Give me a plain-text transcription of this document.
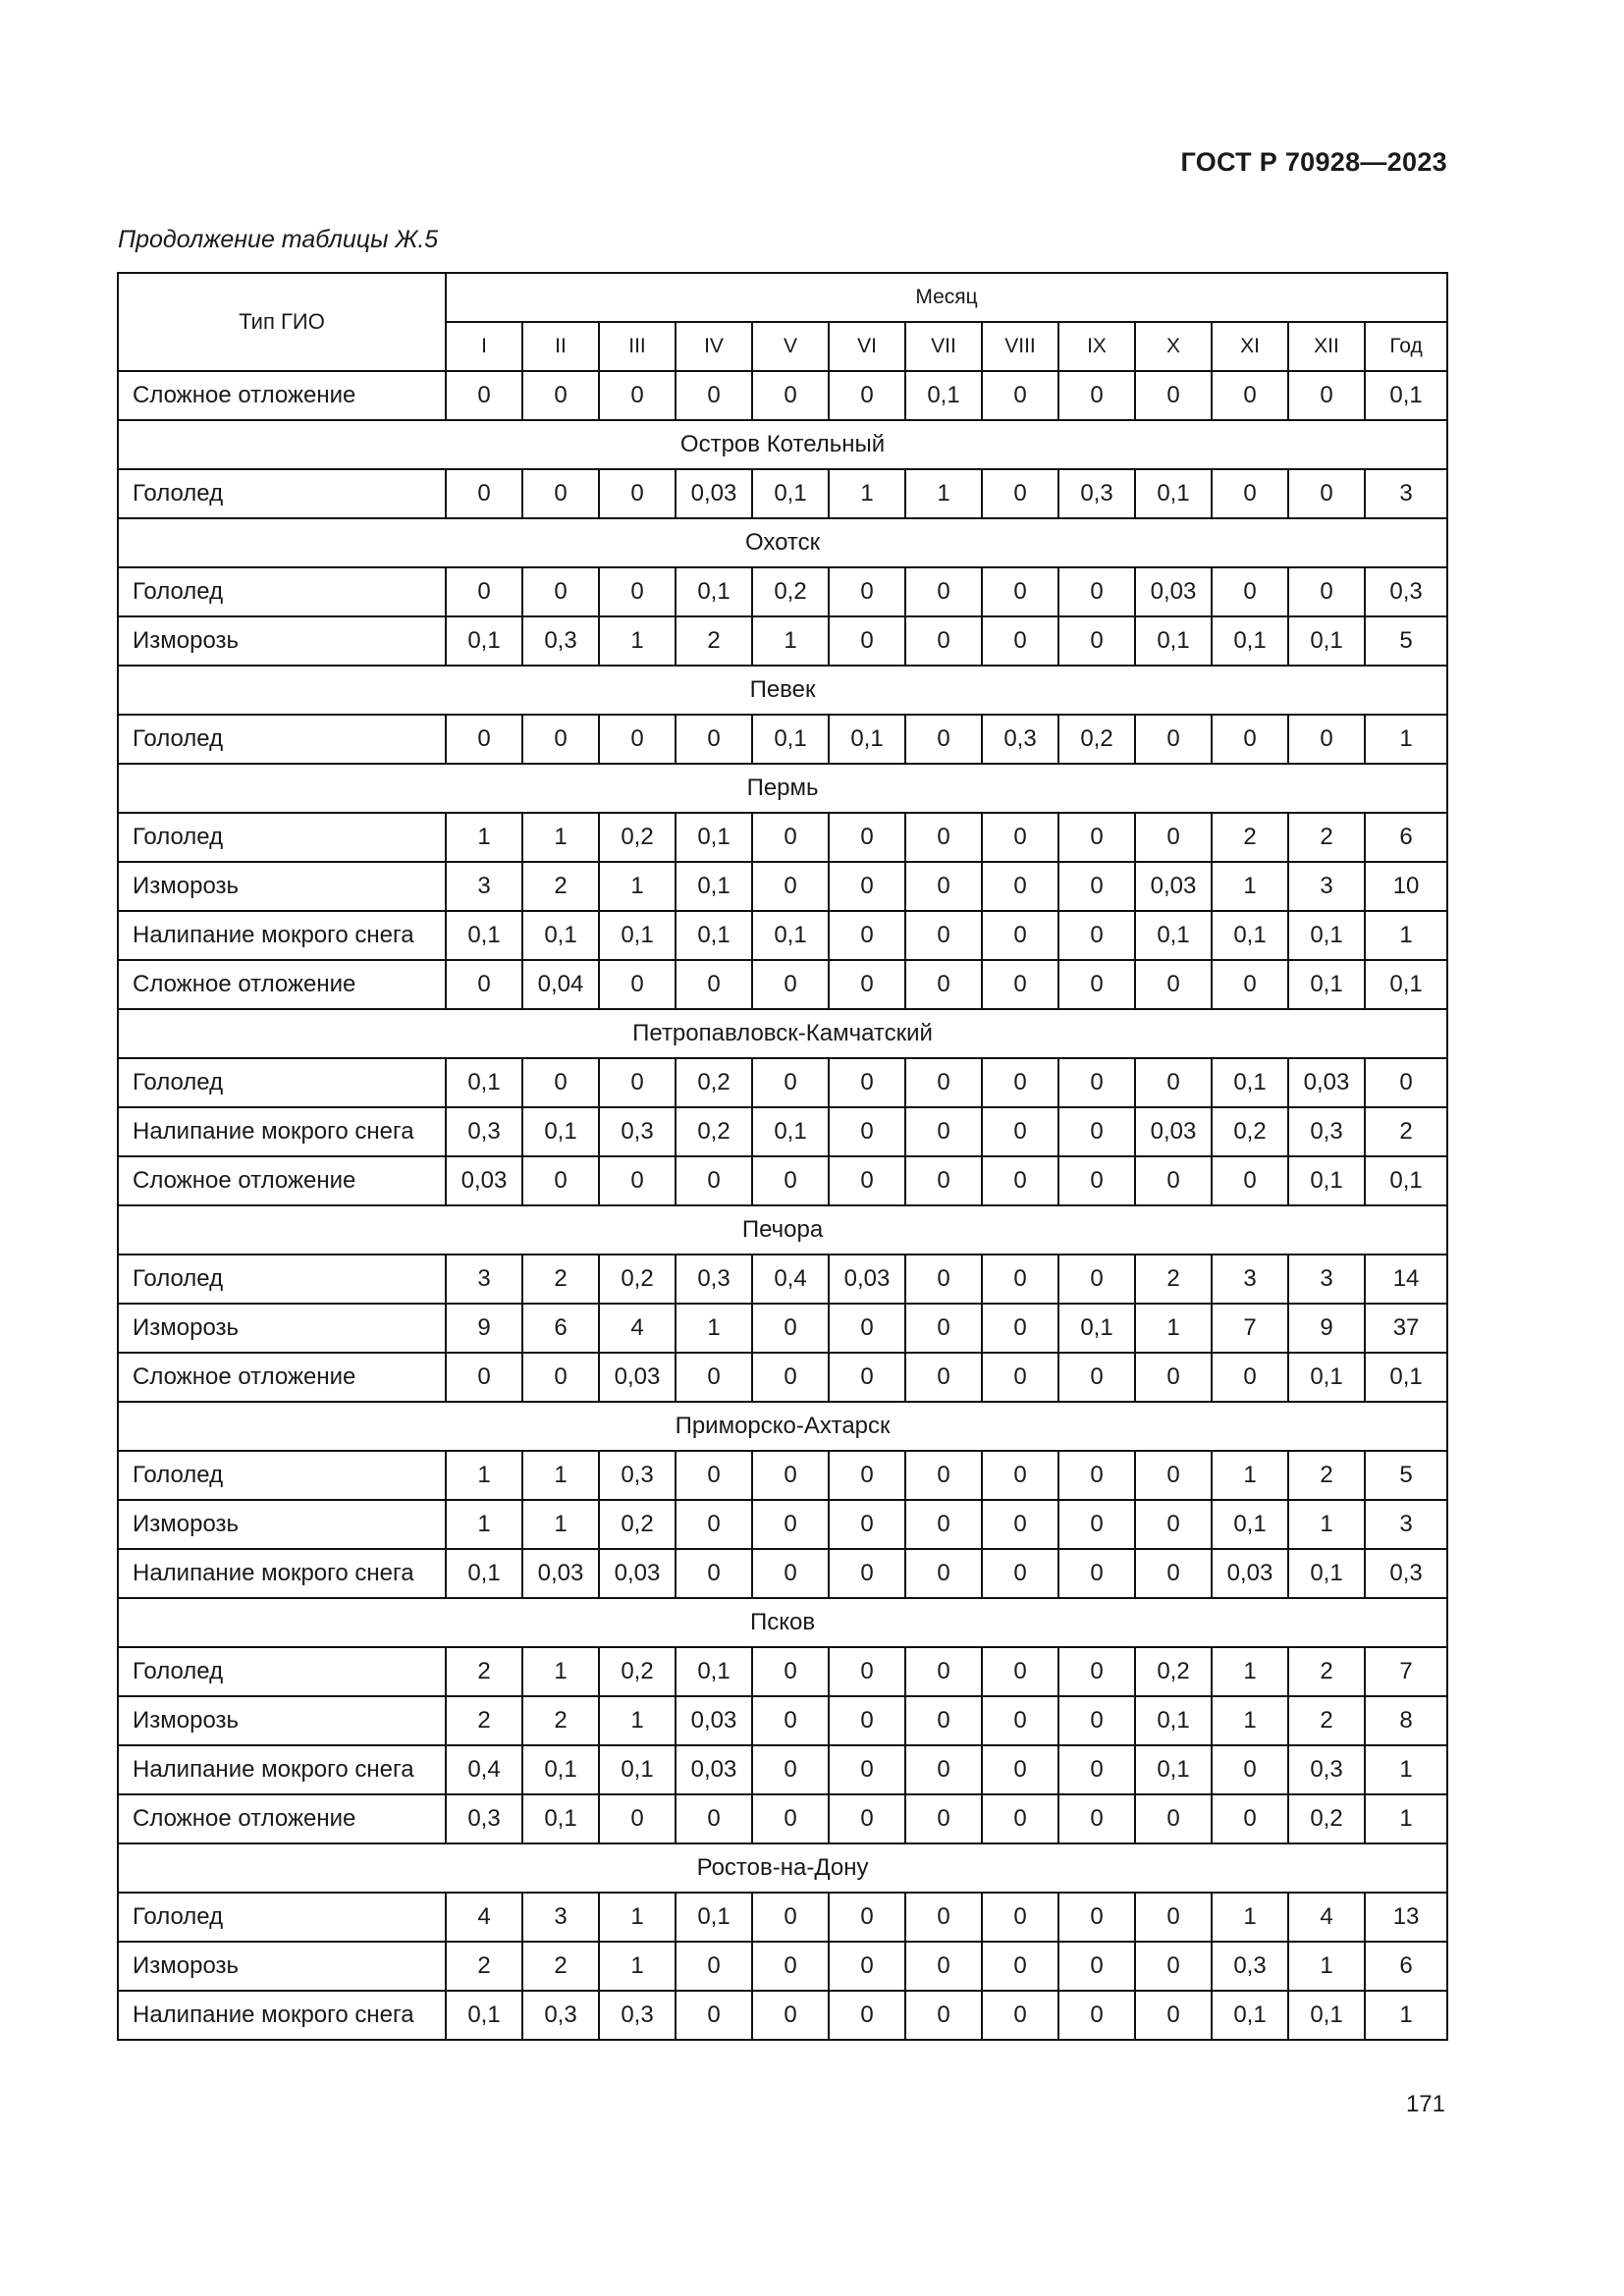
ГОСТ Р 70928—2023
Продолжение таблицы Ж.5
Тип ГИО	Месяц												
	I	II	III	IV	V	VI	VII	VIII	IX	X	XI	XII	Год
Сложное отложение	0	0	0	0	0	0	0,1	0	0	0	0	0	0,1
Остров Котельный													
Гололед	0	0	0	0,03	0,1	1	1	0	0,3	0,1	0	0	3
Охотск													
Гололед	0	0	0	0,1	0,2	0	0	0	0	0,03	0	0	0,3
Изморозь	0,1	0,3	1	2	1	0	0	0	0	0,1	0,1	0,1	5
Певек													
Гололед	0	0	0	0	0,1	0,1	0	0,3	0,2	0	0	0	1
Пермь													
Гололед	1	1	0,2	0,1	0	0	0	0	0	0	2	2	6
Изморозь	3	2	1	0,1	0	0	0	0	0	0,03	1	3	10
Налипание мокрого снега	0,1	0,1	0,1	0,1	0,1	0	0	0	0	0,1	0,1	0,1	1
Сложное отложение	0	0,04	0	0	0	0	0	0	0	0	0	0,1	0,1
Петропавловск-Камчатский													
Гололед	0,1	0	0	0,2	0	0	0	0	0	0	0,1	0,03	0
Налипание мокрого снега	0,3	0,1	0,3	0,2	0,1	0	0	0	0	0,03	0,2	0,3	2
Сложное отложение	0,03	0	0	0	0	0	0	0	0	0	0	0,1	0,1
Печора													
Гололед	3	2	0,2	0,3	0,4	0,03	0	0	0	2	3	3	14
Изморозь	9	6	4	1	0	0	0	0	0,1	1	7	9	37
Сложное отложение	0	0	0,03	0	0	0	0	0	0	0	0	0,1	0,1
Приморско-Ахтарск													
Гололед	1	1	0,3	0	0	0	0	0	0	0	1	2	5
Изморозь	1	1	0,2	0	0	0	0	0	0	0	0,1	1	3
Налипание мокрого снега	0,1	0,03	0,03	0	0	0	0	0	0	0	0,03	0,1	0,3
Псков													
Гололед	2	1	0,2	0,1	0	0	0	0	0	0,2	1	2	7
Изморозь	2	2	1	0,03	0	0	0	0	0	0,1	1	2	8
Налипание мокрого снега	0,4	0,1	0,1	0,03	0	0	0	0	0	0,1	0	0,3	1
Сложное отложение	0,3	0,1	0	0	0	0	0	0	0	0	0	0,2	1
Ростов-на-Дону													
Гололед	4	3	1	0,1	0	0	0	0	0	0	1	4	13
Изморозь	2	2	1	0	0	0	0	0	0	0	0,3	1	6
Налипание мокрого снега	0,1	0,3	0,3	0	0	0	0	0	0	0	0,1	0,1	1
171
